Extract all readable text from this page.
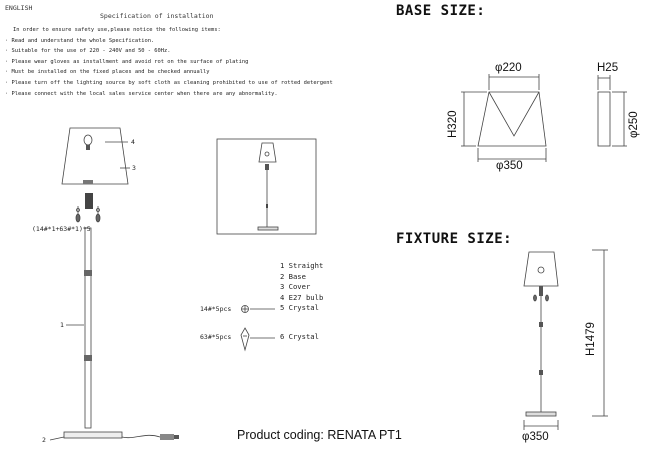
ENGLISH
Specification of installation
In order to ensure safety use,please notice the following items:
· Read and understand the whole Specification.
· Suitable for the use of 220 - 240V and 50 - 60Hz.
· Please wear gloves as installment and avoid rot on the surface of plating
· Must be installed on the fixed places and be checked annually
· Please turn off the lighting source by soft cloth as cleaning prohibited to use of rotted detergent
· Please connect with the local sales service center when there are any abnormality.
BASE SIZE:
FIXTURE SIZE:
4
3
(14#*1+63#*1)*5
1
2
1 Straight
2 Base
3 Cover
4 E27 bulb
5 Crystal
6 Crystal
14#*5pcs
63#*5pcs
φ220
φ350
H320
H25
φ250
H1479
φ350
Product coding: RENATA PT1
